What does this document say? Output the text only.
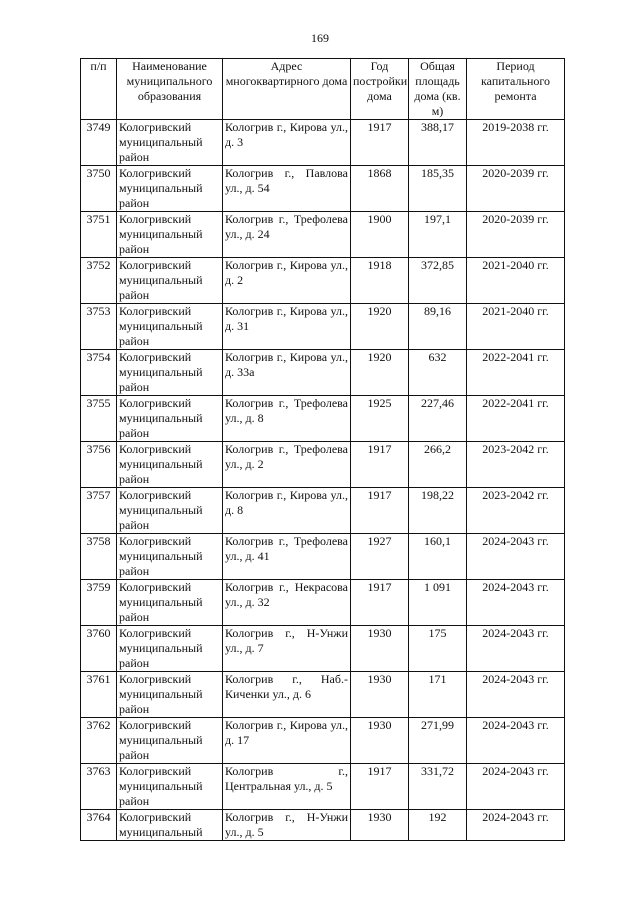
169
п/п	Наименование муниципального образования	Адрес многоквартирного дома	Год постройки дома	Общая площадь дома (кв. м)	Период капитального ремонта
3749	Кологривский муниципальный район	Кологрив г., Кирова ул., д. 3	1917	388,17	2019-2038 гг.
3750	Кологривский муниципальный район	Кологрив г., Павлова ул., д. 54	1868	185,35	2020-2039 гг.
3751	Кологривский муниципальный район	Кологрив г., Трефолева ул., д. 24	1900	197,1	2020-2039 гг.
3752	Кологривский муниципальный район	Кологрив г., Кирова ул., д. 2	1918	372,85	2021-2040 гг.
3753	Кологривский муниципальный район	Кологрив г., Кирова ул., д. 31	1920	89,16	2021-2040 гг.
3754	Кологривский муниципальный район	Кологрив г., Кирова ул., д. 33а	1920	632	2022-2041 гг.
3755	Кологривский муниципальный район	Кологрив г., Трефолева ул., д. 8	1925	227,46	2022-2041 гг.
3756	Кологривский муниципальный район	Кологрив г., Трефолева ул., д. 2	1917	266,2	2023-2042 гг.
3757	Кологривский муниципальный район	Кологрив г., Кирова ул., д. 8	1917	198,22	2023-2042 гг.
3758	Кологривский муниципальный район	Кологрив г., Трефолева ул., д. 41	1927	160,1	2024-2043 гг.
3759	Кологривский муниципальный район	Кологрив г., Некрасова ул., д. 32	1917	1 091	2024-2043 гг.
3760	Кологривский муниципальный район	Кологрив г., Н-Унжи ул., д. 7	1930	175	2024-2043 гг.
3761	Кологривский муниципальный район	Кологрив г., Наб.-Киченки ул., д. 6	1930	171	2024-2043 гг.
3762	Кологривский муниципальный район	Кологрив г., Кирова ул., д. 17	1930	271,99	2024-2043 гг.
3763	Кологривский муниципальный район	Кологрив г., Центральная ул., д. 5	1917	331,72	2024-2043 гг.
3764	Кологривский муниципальный	Кологрив г., Н-Унжи ул., д. 5	1930	192	2024-2043 гг.
